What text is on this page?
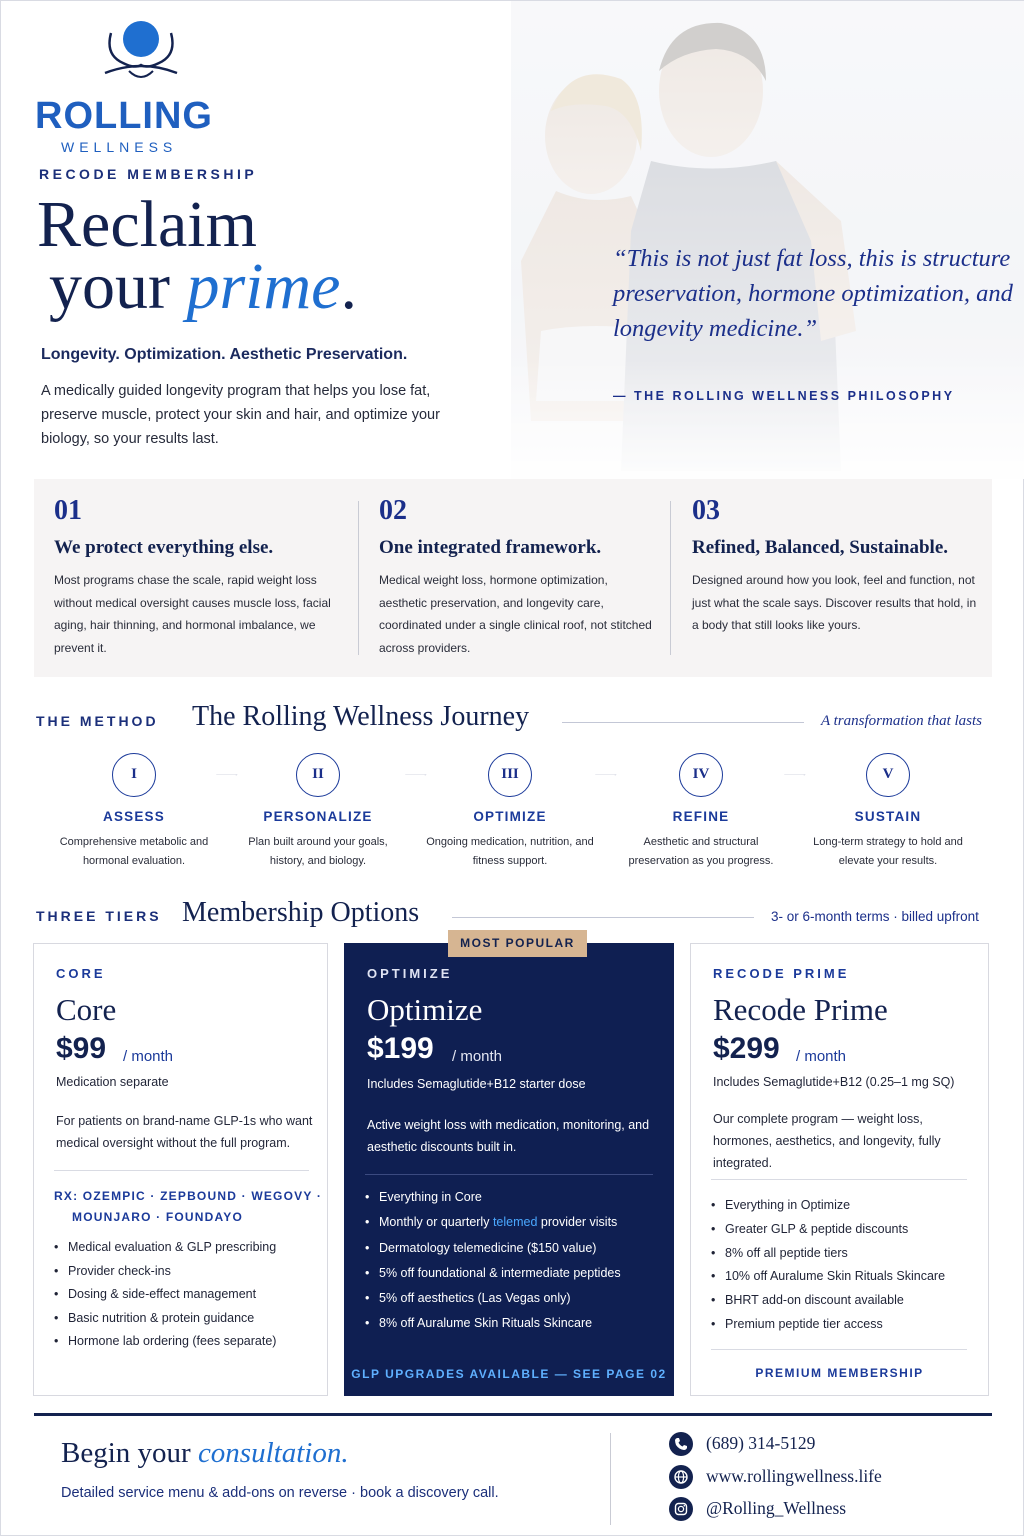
ROLLING
WELLNESS
RECODE MEMBERSHIP
Reclaim
your prime.
Longevity. Optimization. Aesthetic Preservation.
A medically guided longevity program that helps you lose fat, preserve muscle, protect your skin and hair, and optimize your biology, so your results last.
“This is not just fat loss, this is structure preservation, hormone optimization, and longevity medicine.”
— THE ROLLING WELLNESS PHILOSOPHY
01
We protect everything else.
Most programs chase the scale, rapid weight loss without medical oversight causes muscle loss, facial aging, hair thinning, and hormonal imbalance, we prevent it.
02
One integrated framework.
Medical weight loss, hormone optimization, aesthetic preservation, and longevity care, coordinated under a single clinical roof, not stitched across providers.
03
Refined, Balanced, Sustainable.
Designed around how you look, feel and function, not just what the scale says. Discover results that hold, in a body that still looks like yours.
THE METHOD The Rolling Wellness Journey	A transformation that lasts
I
ASSESS
Comprehensive metabolic and hormonal evaluation.
II
PERSONALIZE
Plan built around your goals, history, and biology.
III
OPTIMIZE
Ongoing medication, nutrition, and fitness support.
IV
REFINE
Aesthetic and structural preservation as you progress.
V
SUSTAIN
Long-term strategy to hold and elevate your results.
THREE TIERS Membership Options	3- or 6-month terms · billed upfront
CORE
Core
$99 / month
Medication separate
For patients on brand-name GLP-1s who want medical oversight without the full program.
RX: OZEMPIC · ZEPBOUND · WEGOVY ·
MOUNJARO · FOUNDAYO
• Medical evaluation & GLP prescribing
• Provider check-ins
• Dosing & side-effect management
• Basic nutrition & protein guidance
• Hormone lab ordering (fees separate)
OPTIMIZE
Optimize
$199 / month
Includes Semaglutide+B12 starter dose
Active weight loss with medication, monitoring, and aesthetic discounts built in.
• Everything in Core
• Monthly or quarterly telemed provider visits
• Dermatology telemedicine ($150 value)
• 5% off foundational & intermediate peptides
• 5% off aesthetics (Las Vegas only)
• 8% off Auralume Skin Rituals Skincare
GLP UPGRADES AVAILABLE — SEE PAGE 02
MOST POPULAR
RECODE PRIME
Recode Prime
$299 / month
Includes Semaglutide+B12 (0.25–1 mg SQ)
Our complete program — weight loss, hormones, aesthetics, and longevity, fully integrated.
• Everything in Optimize
• Greater GLP & peptide discounts
• 8% off all peptide tiers
• 10% off Auralume Skin Rituals Skincare
• BHRT add-on discount available
• Premium peptide tier access
PREMIUM MEMBERSHIP
Begin your consultation.
Detailed service menu & add-ons on reverse · book a discovery call.
(689) 314-5129
www.rollingwellness.life
@Rolling_Wellness
